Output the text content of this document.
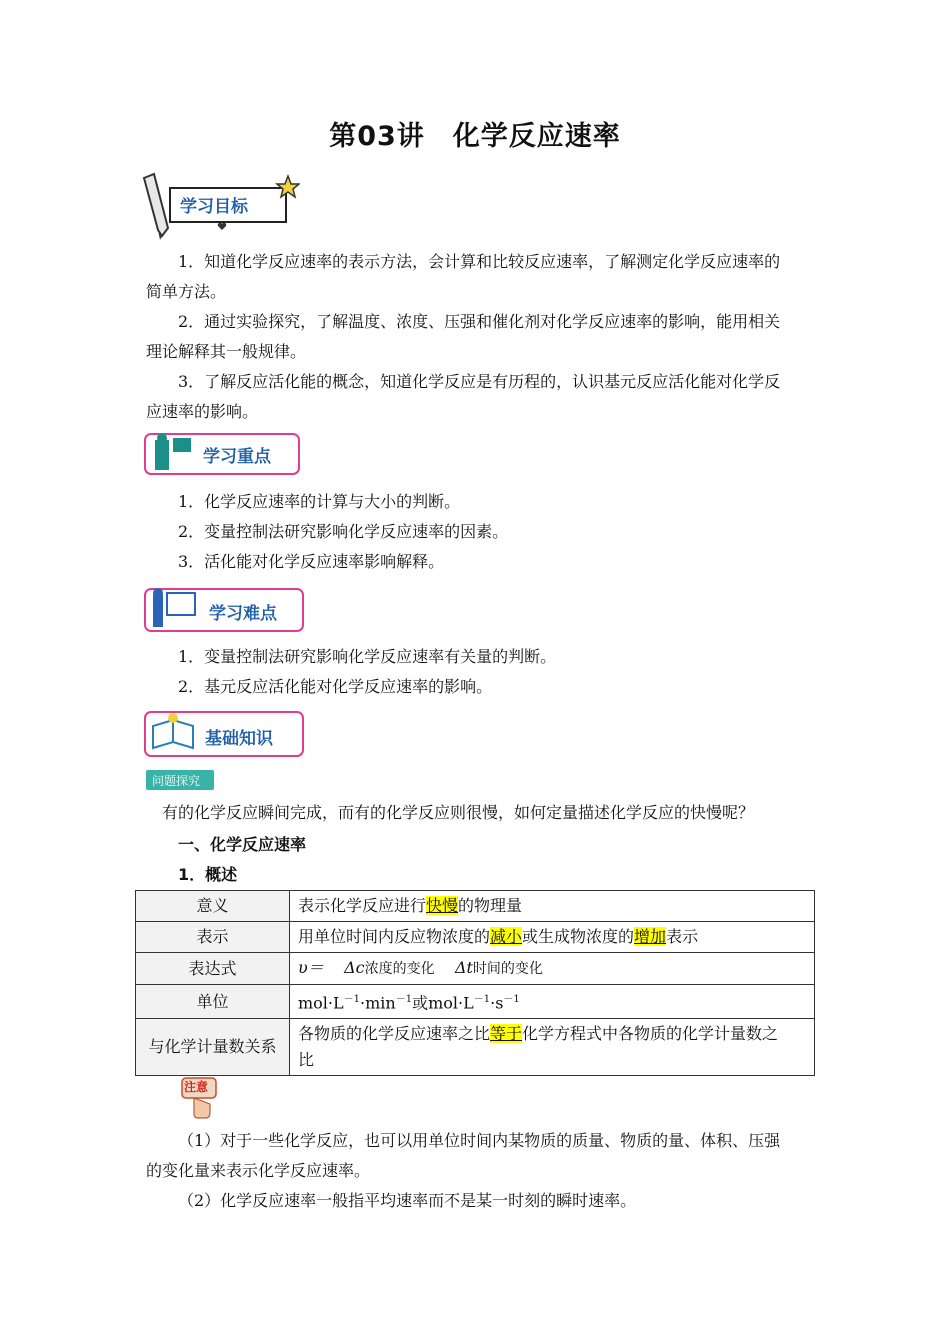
第03讲　化学反应速率
学习目标
1．知道化学反应速率的表示方法，会计算和比较反应速率，了解测定化学反应速率的
简单方法。
2．通过实验探究，了解温度、浓度、压强和催化剂对化学反应速率的影响，能用相关
理论解释其一般规律。
3．了解反应活化能的概念，知道化学反应是有历程的，认识基元反应活化能对化学反
应速率的影响。
学习重点
1．化学反应速率的计算与大小的判断。
2．变量控制法研究影响化学反应速率的因素。
3．活化能对化学反应速率影响解释。
学习难点
1．变量控制法研究影响化学反应速率有关量的判断。
2．基元反应活化能对化学反应速率的影响。
基础知识
问题探究
有的化学反应瞬间完成，而有的化学反应则很慢，如何定量描述化学反应的快慢呢？
一、化学反应速率
1．概述
意义	表示化学反应进行快慢的物理量
表示	用单位时间内反应物浓度的减小或生成物浓度的增加表示
表达式	υ＝ Δc浓度的变化 Δt时间的变化
单位	$mol\cdot L^{-1}\cdot\min^{-1}$或$mol\cdot L^{-1}\cdot s^{-1}$
与化学计量数关系	各物质的化学反应速率之比等于化学方程式中各物质的化学计量数之
比
注意
（1）对于一些化学反应，也可以用单位时间内某物质的质量、物质的量、体积、压强
的变化量来表示化学反应速率。
（2）化学反应速率一般指平均速率而不是某一时刻的瞬时速率。
